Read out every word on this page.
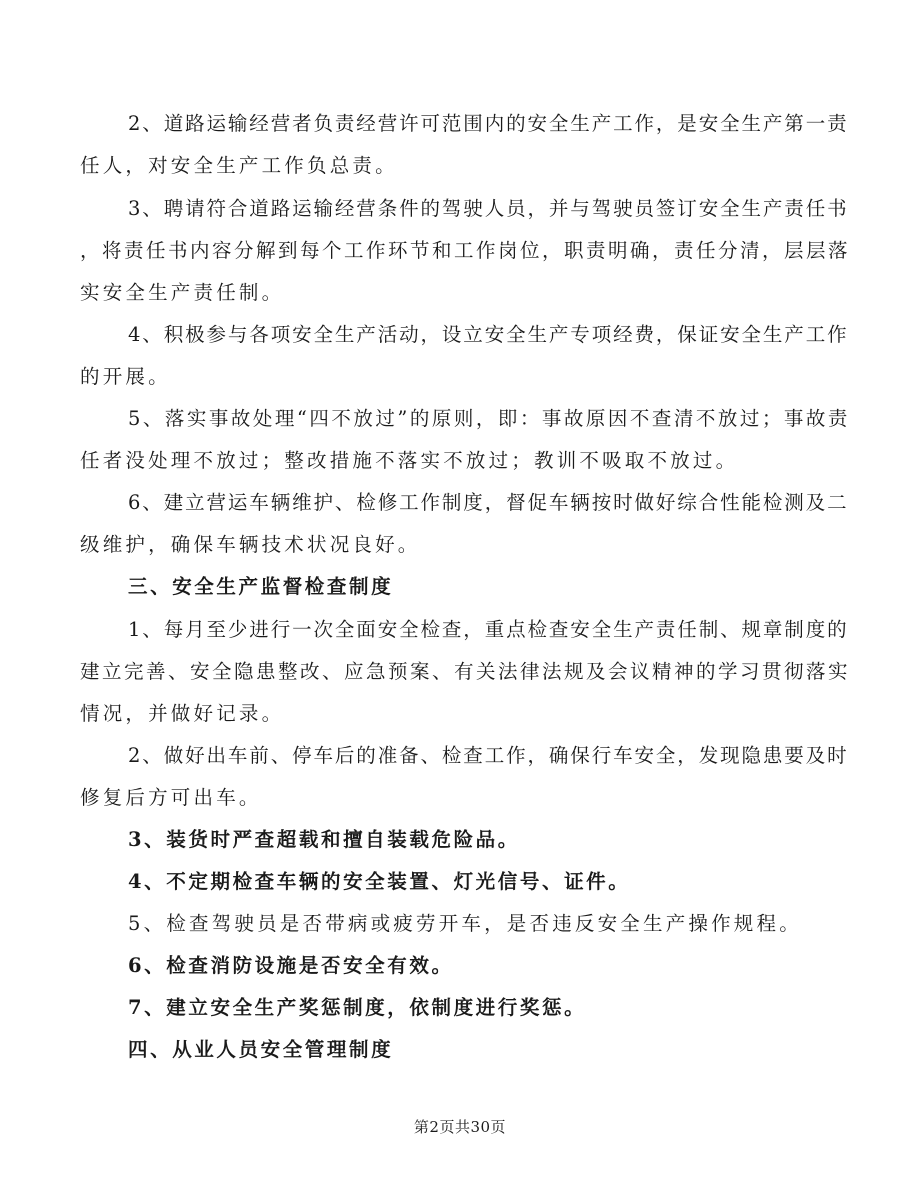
2、道路运输经营者负责经营许可范围内的安全生产工作，是安全生产第一责
任人，对安全生产工作负总责。
3、聘请符合道路运输经营条件的驾驶人员，并与驾驶员签订安全生产责任书
，将责任书内容分解到每个工作环节和工作岗位，职责明确，责任分清，层层落
实安全生产责任制。
4、积极参与各项安全生产活动，设立安全生产专项经费，保证安全生产工作
的开展。
5、落实事故处理“四不放过”的原则，即：事故原因不查清不放过；事故责
任者没处理不放过；整改措施不落实不放过；教训不吸取不放过。
6、建立营运车辆维护、检修工作制度，督促车辆按时做好综合性能检测及二
级维护，确保车辆技术状况良好。
三、安全生产监督检查制度
1、每月至少进行一次全面安全检查，重点检查安全生产责任制、规章制度的
建立完善、安全隐患整改、应急预案、有关法律法规及会议精神的学习贯彻落实
情况，并做好记录。
2、做好出车前、停车后的准备、检查工作，确保行车安全，发现隐患要及时
修复后方可出车。
3、装货时严查超载和擅自装载危险品。
4、不定期检查车辆的安全装置、灯光信号、证件。
5、检查驾驶员是否带病或疲劳开车，是否违反安全生产操作规程。
6、检查消防设施是否安全有效。
7、建立安全生产奖惩制度，依制度进行奖惩。
四、从业人员安全管理制度
第2页共30页
